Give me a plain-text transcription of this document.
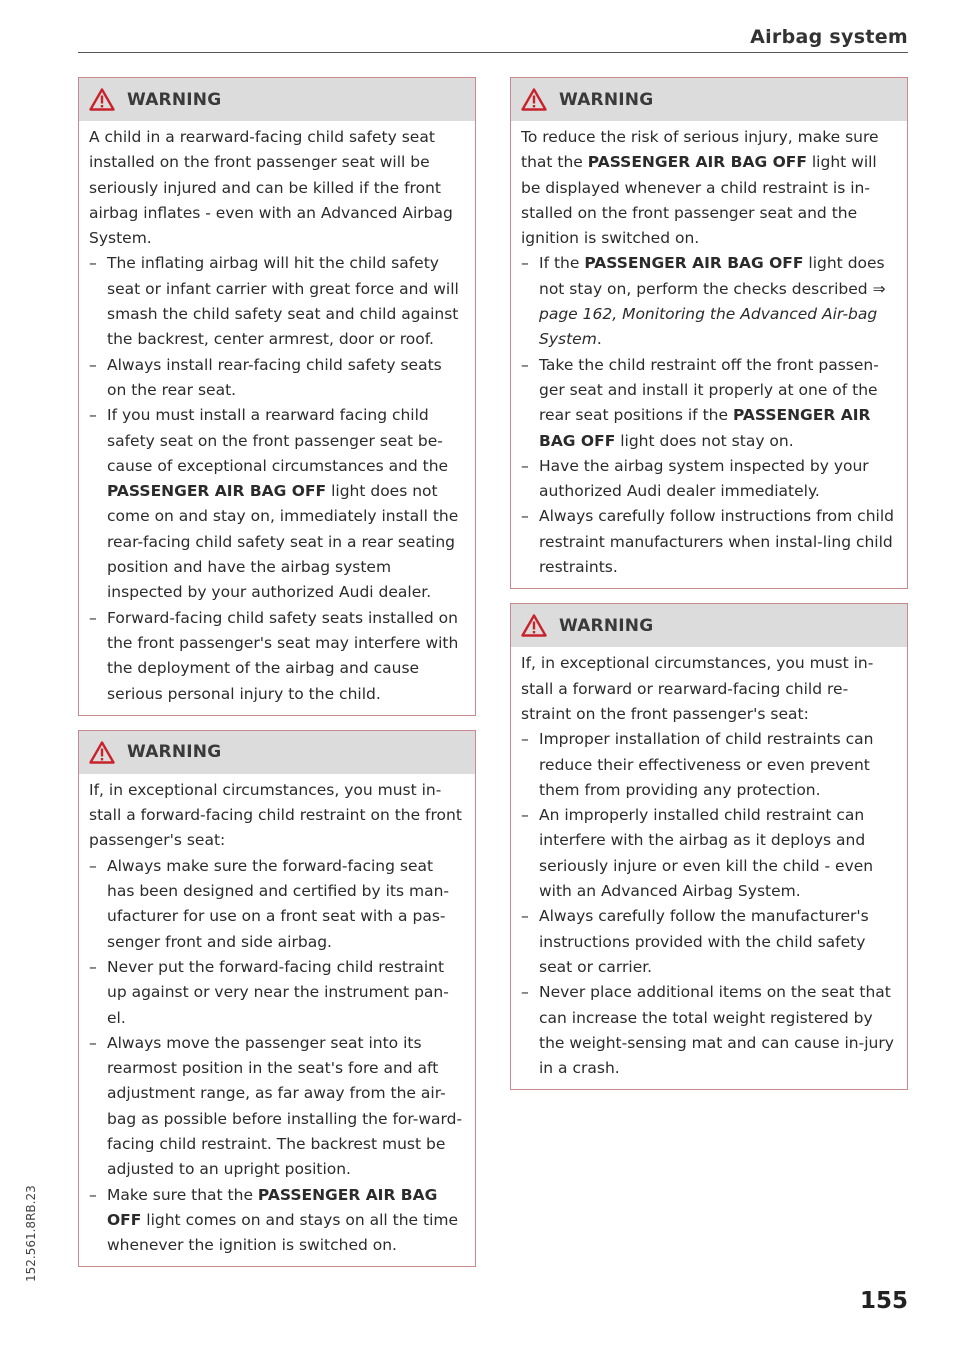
Airbag system
WARNING

A child in a rearward-facing child safety seat installed on the front passenger seat will be seriously injured and can be killed if the front airbag inflates - even with an Advanced Airbag System.

– The inflating airbag will hit the child safety seat or infant carrier with great force and will smash the child safety seat and child against the backrest, center armrest, door or roof.
– Always install rear-facing child safety seats on the rear seat.
– If you must install a rearward facing child safety seat on the front passenger seat be-cause of exceptional circumstances and the PASSENGER AIR BAG OFF light does not come on and stay on, immediately install the rear-facing child safety seat in a rear seating position and have the airbag system inspected by your authorized Audi dealer.
– Forward-facing child safety seats installed on the front passenger's seat may interfere with the deployment of the airbag and cause serious personal injury to the child.
WARNING

If, in exceptional circumstances, you must in-stall a forward-facing child restraint on the front passenger's seat:

– Always make sure the forward-facing seat has been designed and certified by its man-ufacturer for use on a front seat with a pas-senger front and side airbag.
– Never put the forward-facing child restraint up against or very near the instrument pan-el.
– Always move the passenger seat into its rearmost position in the seat's fore and aft adjustment range, as far away from the air-bag as possible before installing the for-ward-facing child restraint. The backrest must be adjusted to an upright position.
– Make sure that the PASSENGER AIR BAG OFF light comes on and stays on all the time whenever the ignition is switched on.
WARNING

To reduce the risk of serious injury, make sure that the PASSENGER AIR BAG OFF light will be displayed whenever a child restraint is in-stalled on the front passenger seat and the ignition is switched on.

– If the PASSENGER AIR BAG OFF light does not stay on, perform the checks described ⇒ page 162, Monitoring the Advanced Air-bag System.
– Take the child restraint off the front passen-ger seat and install it properly at one of the rear seat positions if the PASSENGER AIR BAG OFF light does not stay on.
– Have the airbag system inspected by your authorized Audi dealer immediately.
– Always carefully follow instructions from child restraint manufacturers when instal-ling child restraints.
WARNING

If, in exceptional circumstances, you must in-stall a forward or rearward-facing child re-straint on the front passenger's seat:

– Improper installation of child restraints can reduce their effectiveness or even prevent them from providing any protection.
– An improperly installed child restraint can interfere with the airbag as it deploys and seriously injure or even kill the child - even with an Advanced Airbag System.
– Always carefully follow the manufacturer's instructions provided with the child safety seat or carrier.
– Never place additional items on the seat that can increase the total weight registered by the weight-sensing mat and can cause in-jury in a crash.
152.561.8RB.23
155
